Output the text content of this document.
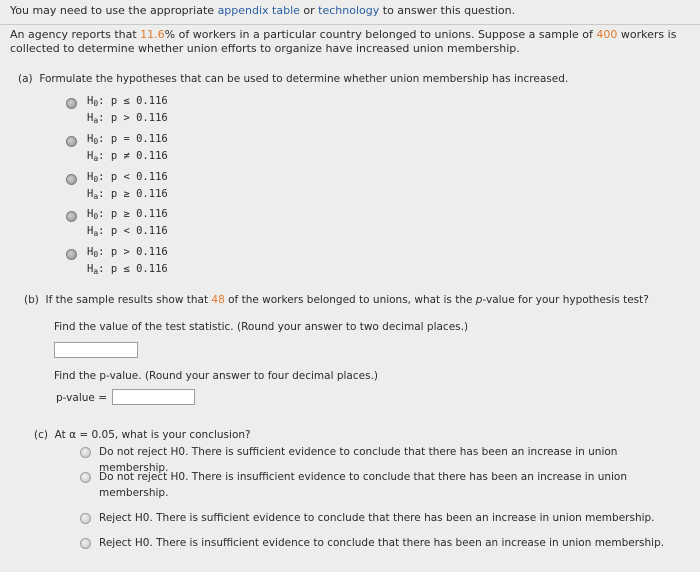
You may need to use the appropriate appendix table or technology to answer this question.
An agency reports that 11.6% of workers in a particular country belonged to unions. Suppose a sample of 400 workers is collected to determine whether union efforts to organize have increased union membership.
(a) Formulate the hypotheses that can be used to determine whether union membership has increased.
H0: p ≤ 0.116
Ha: p > 0.116
H0: p = 0.116
Ha: p ≠ 0.116
H0: p < 0.116
Ha: p ≥ 0.116
H0: p ≥ 0.116
Ha: p < 0.116
H0: p > 0.116
Ha: p ≤ 0.116
(b) If the sample results show that 48 of the workers belonged to unions, what is the p-value for your hypothesis test?
Find the value of the test statistic. (Round your answer to two decimal places.)
Find the p-value. (Round your answer to four decimal places.)
p-value =
(c) At α = 0.05, what is your conclusion?
Do not reject H0. There is sufficient evidence to conclude that there has been an increase in union membership.
Do not reject H0. There is insufficient evidence to conclude that there has been an increase in union membership.
Reject H0. There is sufficient evidence to conclude that there has been an increase in union membership.
Reject H0. There is insufficient evidence to conclude that there has been an increase in union membership.
